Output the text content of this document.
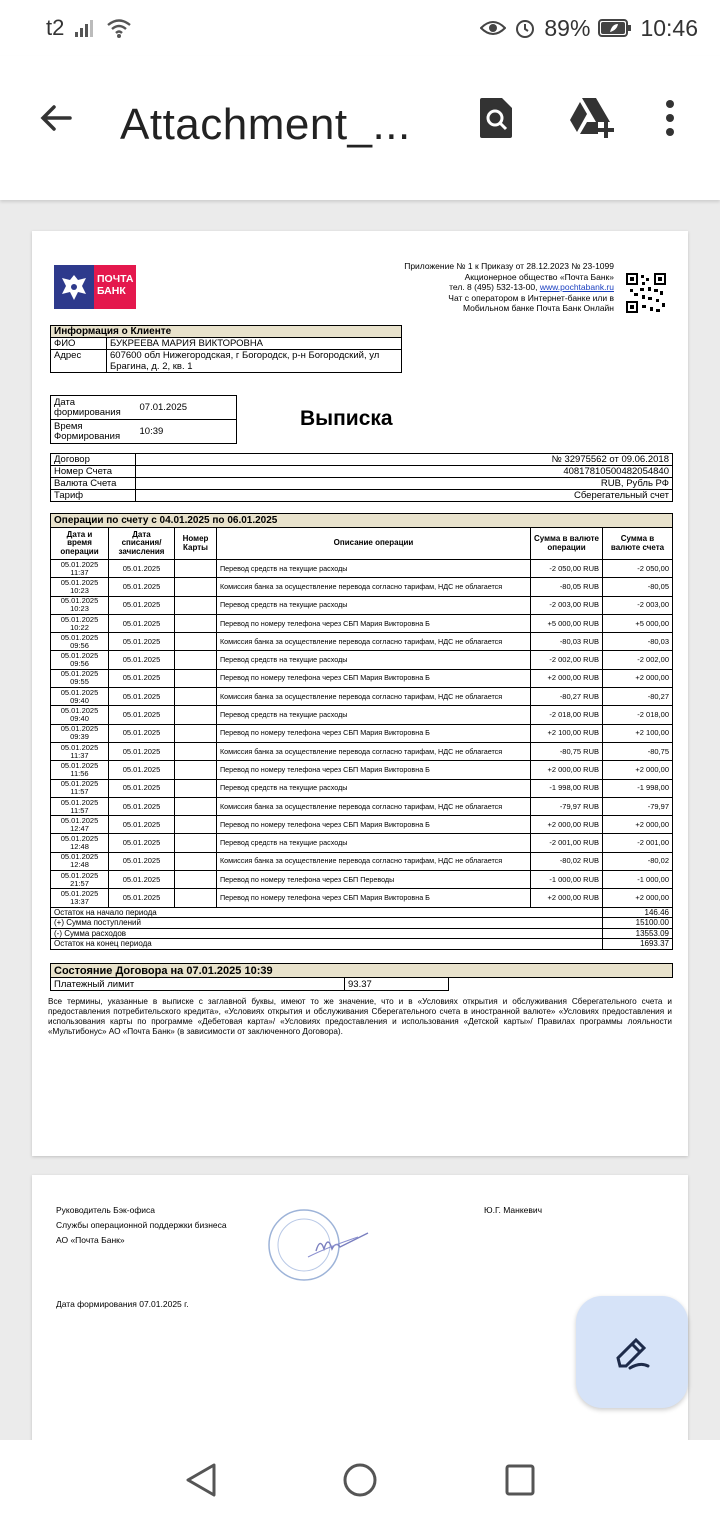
t2	89% 10:46
Attachment_...
ПОЧТА БАНК
Приложение № 1 к Приказу от 28.12.2023 № 23-1099
Акционерное общество «Почта Банк»
тел. 8 (495) 532-13-00, www.pochtabank.ru
Чат с оператором в Интернет-банке или в
Мобильном банке Почта Банк Онлайн
Информация о Клиенте	
ФИО	БУКРЕЕВА МАРИЯ ВИКТОРОВНА
Адрес	607600 обл Нижегородская, г Богородск, р-н Богородский, ул Брагина, д. 2, кв. 1
Дата формирования	07.01.2025
Время Формирования	10:39
Выписка
Договор	№ 32975562 от 09.06.2018
Номер Счета	40817810500482054840
Валюта Счета	RUB, Рубль РФ
Тариф	Сберегательный счет
Операции по счету с 04.01.2025 по 06.01.2025					
Дата и время операции	Дата списания/ зачисления	Номер Карты	Описание операции	Сумма в валюте операции	Сумма в валюте счета
05.01.2025 11:37	05.01.2025		Перевод средств на текущие расходы	-2 050,00 RUB	-2 050,00
05.01.2025 10:23	05.01.2025		Комиссия банка за осуществление перевода согласно тарифам, НДС не облагается	-80,05 RUB	-80,05
05.01.2025 10:23	05.01.2025		Перевод средств на текущие расходы	-2 003,00 RUB	-2 003,00
05.01.2025 10:22	05.01.2025		Перевод по номеру телефона через СБП Мария Викторовна Б	+5 000,00 RUB	+5 000,00
05.01.2025 09:56	05.01.2025		Комиссия банка за осуществление перевода согласно тарифам, НДС не облагается	-80,03 RUB	-80,03
05.01.2025 09:56	05.01.2025		Перевод средств на текущие расходы	-2 002,00 RUB	-2 002,00
05.01.2025 09:55	05.01.2025		Перевод по номеру телефона через СБП Мария Викторовна Б	+2 000,00 RUB	+2 000,00
05.01.2025 09:40	05.01.2025		Комиссия банка за осуществление перевода согласно тарифам, НДС не облагается	-80,27 RUB	-80,27
05.01.2025 09:40	05.01.2025		Перевод средств на текущие расходы	-2 018,00 RUB	-2 018,00
05.01.2025 09:39	05.01.2025		Перевод по номеру телефона через СБП Мария Викторовна Б	+2 100,00 RUB	+2 100,00
05.01.2025 11:37	05.01.2025		Комиссия банка за осуществление перевода согласно тарифам, НДС не облагается	-80,75 RUB	-80,75
05.01.2025 11:56	05.01.2025		Перевод по номеру телефона через СБП Мария Викторовна Б	+2 000,00 RUB	+2 000,00
05.01.2025 11:57	05.01.2025		Перевод средств на текущие расходы	-1 998,00 RUB	-1 998,00
05.01.2025 11:57	05.01.2025		Комиссия банка за осуществление перевода согласно тарифам, НДС не облагается	-79,97 RUB	-79,97
05.01.2025 12:47	05.01.2025		Перевод по номеру телефона через СБП Мария Викторовна Б	+2 000,00 RUB	+2 000,00
05.01.2025 12:48	05.01.2025		Перевод средств на текущие расходы	-2 001,00 RUB	-2 001,00
05.01.2025 12:48	05.01.2025		Комиссия банка за осуществление перевода согласно тарифам, НДС не облагается	-80,02 RUB	-80,02
05.01.2025 21:57	05.01.2025		Перевод по номеру телефона через СБП Переводы	-1 000,00 RUB	-1 000,00
05.01.2025 13:37	05.01.2025		Перевод по номеру телефона через СБП Мария Викторовна Б	+2 000,00 RUB	+2 000,00
Остаток на начало периода					146.46
(+) Сумма поступлений					15100.00
(-) Сумма расходов					13553.09
Остаток на конец периода					1693.37
Состояние Договора на 07.01.2025 10:39
Платежный лимит	93.37	
Все термины, указанные в выписке с заглавной буквы, имеют то же значение, что и в «Условиях открытия и обслуживания Сберегательного счета и предоставления потребительского кредита», «Условиях открытия и обслуживания Сберегательного счета в иностранной валюте» «Условиях предоставления и использования карты по программе «Дебетовая карта»/ «Условиях предоставления и использования «Детской карты»/ Правилах программы лояльности «Мультибонус» АО «Почта Банк» (в зависимости от заключенного Договора).
Руководитель Бэк-офиса
Службы операционной поддержки бизнеса
АО «Почта Банк»
Ю.Г. Манкевич
Дата формирования 07.01.2025 г.
